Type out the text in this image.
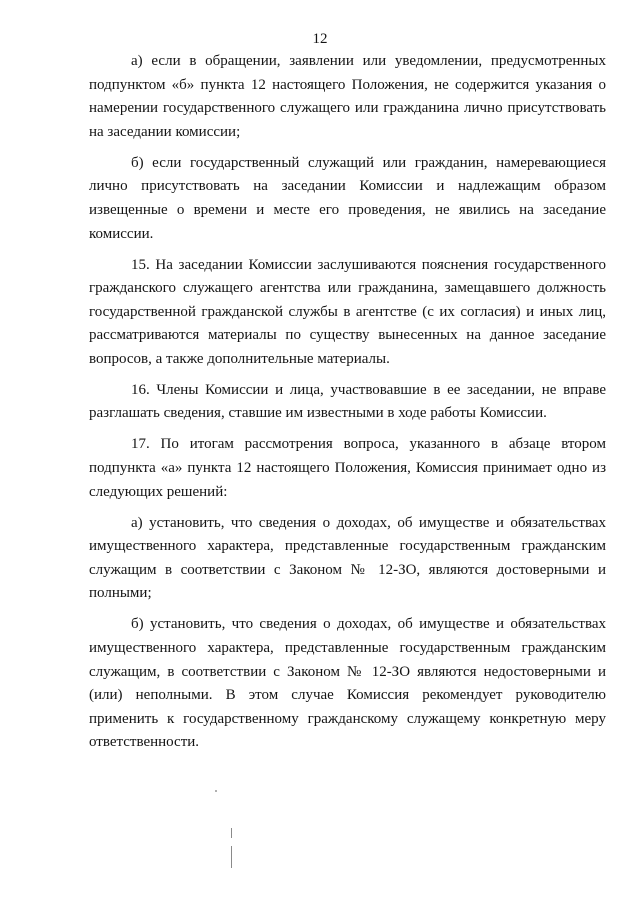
12

а) если в обращении, заявлении или уведомлении, предусмотренных подпунктом «б» пункта 12 настоящего Положения, не содержится указания о намерении государственного служащего или гражданина лично присутствовать на заседании комиссии;

б) если государственный служащий или гражданин, намеревающиеся лично присутствовать на заседании Комиссии и надлежащим образом извещенные о времени и месте его проведения, не явились на заседание комиссии.

15. На заседании Комиссии заслушиваются пояснения государственного гражданского служащего агентства или гражданина, замещавшего должность государственной гражданской службы в агентстве (с их согласия) и иных лиц, рассматриваются материалы по существу вынесенных на данное заседание вопросов, а также дополнительные материалы.

16. Члены Комиссии и лица, участвовавшие в ее заседании, не вправе разглашать сведения, ставшие им известными в ходе работы Комиссии.

17. По итогам рассмотрения вопроса, указанного в абзаце втором подпункта «а» пункта 12 настоящего Положения, Комиссия принимает одно из следующих решений:

а) установить, что сведения о доходах, об имуществе и обязательствах имущественного характера, представленные государственным гражданским служащим в соответствии с Законом № 12-ЗО, являются достоверными и полными;

б) установить, что сведения о доходах, об имуществе и обязательствах имущественного характера, представленные государственным гражданским служащим, в соответствии с Законом № 12-ЗО являются недостоверными и (или) неполными. В этом случае Комиссия рекомендует руководителю применить к государственному гражданскому служащему конкретную меру ответственности.
